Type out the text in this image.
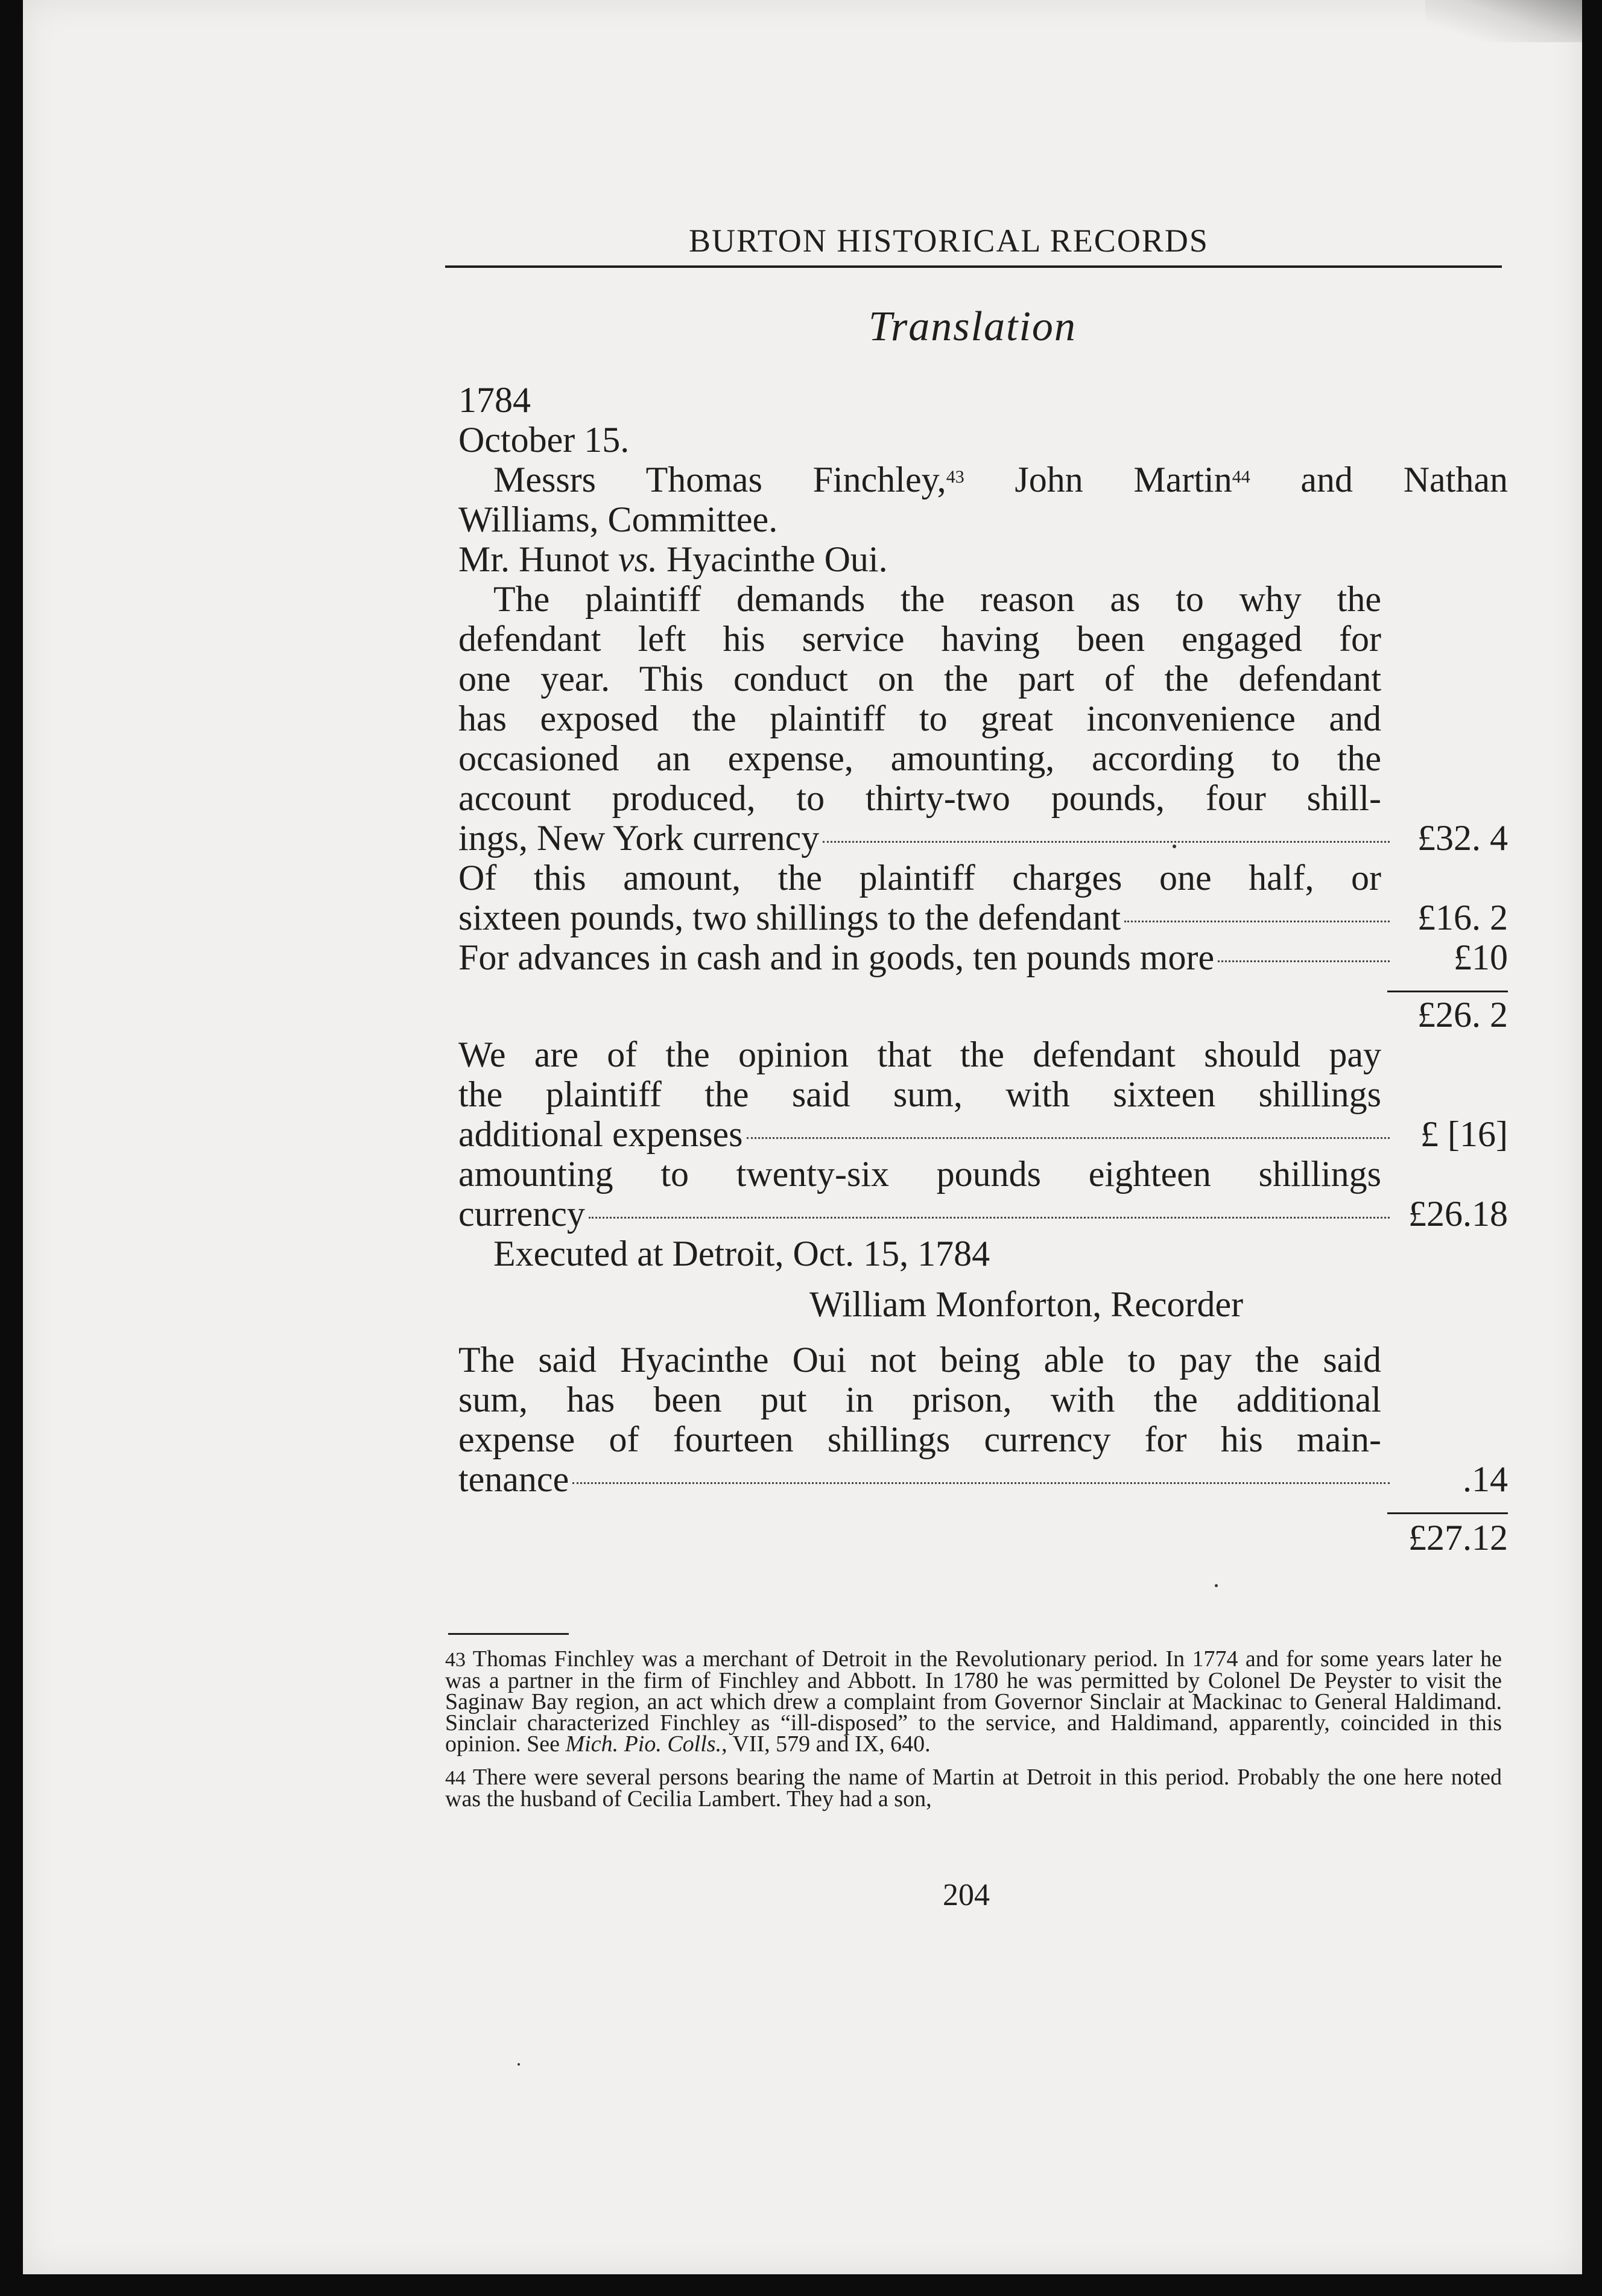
BURTON HISTORICAL RECORDS
Translation
1784
October 15.
Messrs Thomas Finchley,$^{43}$ John Martin$^{44}$ and Nathan
Williams, Committee.
Mr. Hunot vs. Hyacinthe Oui.
The plaintiff demands the reason as to why the
defendant left his service having been engaged for
one year. This conduct on the part of the defendant
has exposed the plaintiff to great inconvenience and
occasioned an expense, amounting, according to the
account produced, to thirty-two pounds, four shill-
ings, New York currency	£32. 4
Of this amount, the plaintiff charges one half, or
sixteen pounds, two shillings to the defendant	£16. 2
For advances in cash and in goods, ten pounds more	£10
£26. 2
We are of the opinion that the defendant should pay
the plaintiff the said sum, with sixteen shillings
additional expenses	£ [16]
amounting to twenty-six pounds eighteen shillings
currency	£26.18
Executed at Detroit, Oct. 15, 1784
William Monforton, Recorder
The said Hyacinthe Oui not being able to pay the said
sum, has been put in prison, with the additional
expense of fourteen shillings currency for his main-
tenance	.14
£27.12
43 Thomas Finchley was a merchant of Detroit in the Revolutionary period. In 1774 and for some years later he was a partner in the firm of Finchley and Abbott. In 1780 he was permitted by Colonel De Peyster to visit the Saginaw Bay region, an act which drew a complaint from Governor Sinclair at Mackinac to General Haldimand. Sinclair characterized Finchley as “ill-disposed” to the service, and Haldimand, apparently, coincided in this opinion. See Mich. Pio. Colls., VII, 579 and IX, 640.
44 There were several persons bearing the name of Martin at Detroit in this period. Probably the one here noted was the husband of Cecilia Lambert. They had a son,
204
